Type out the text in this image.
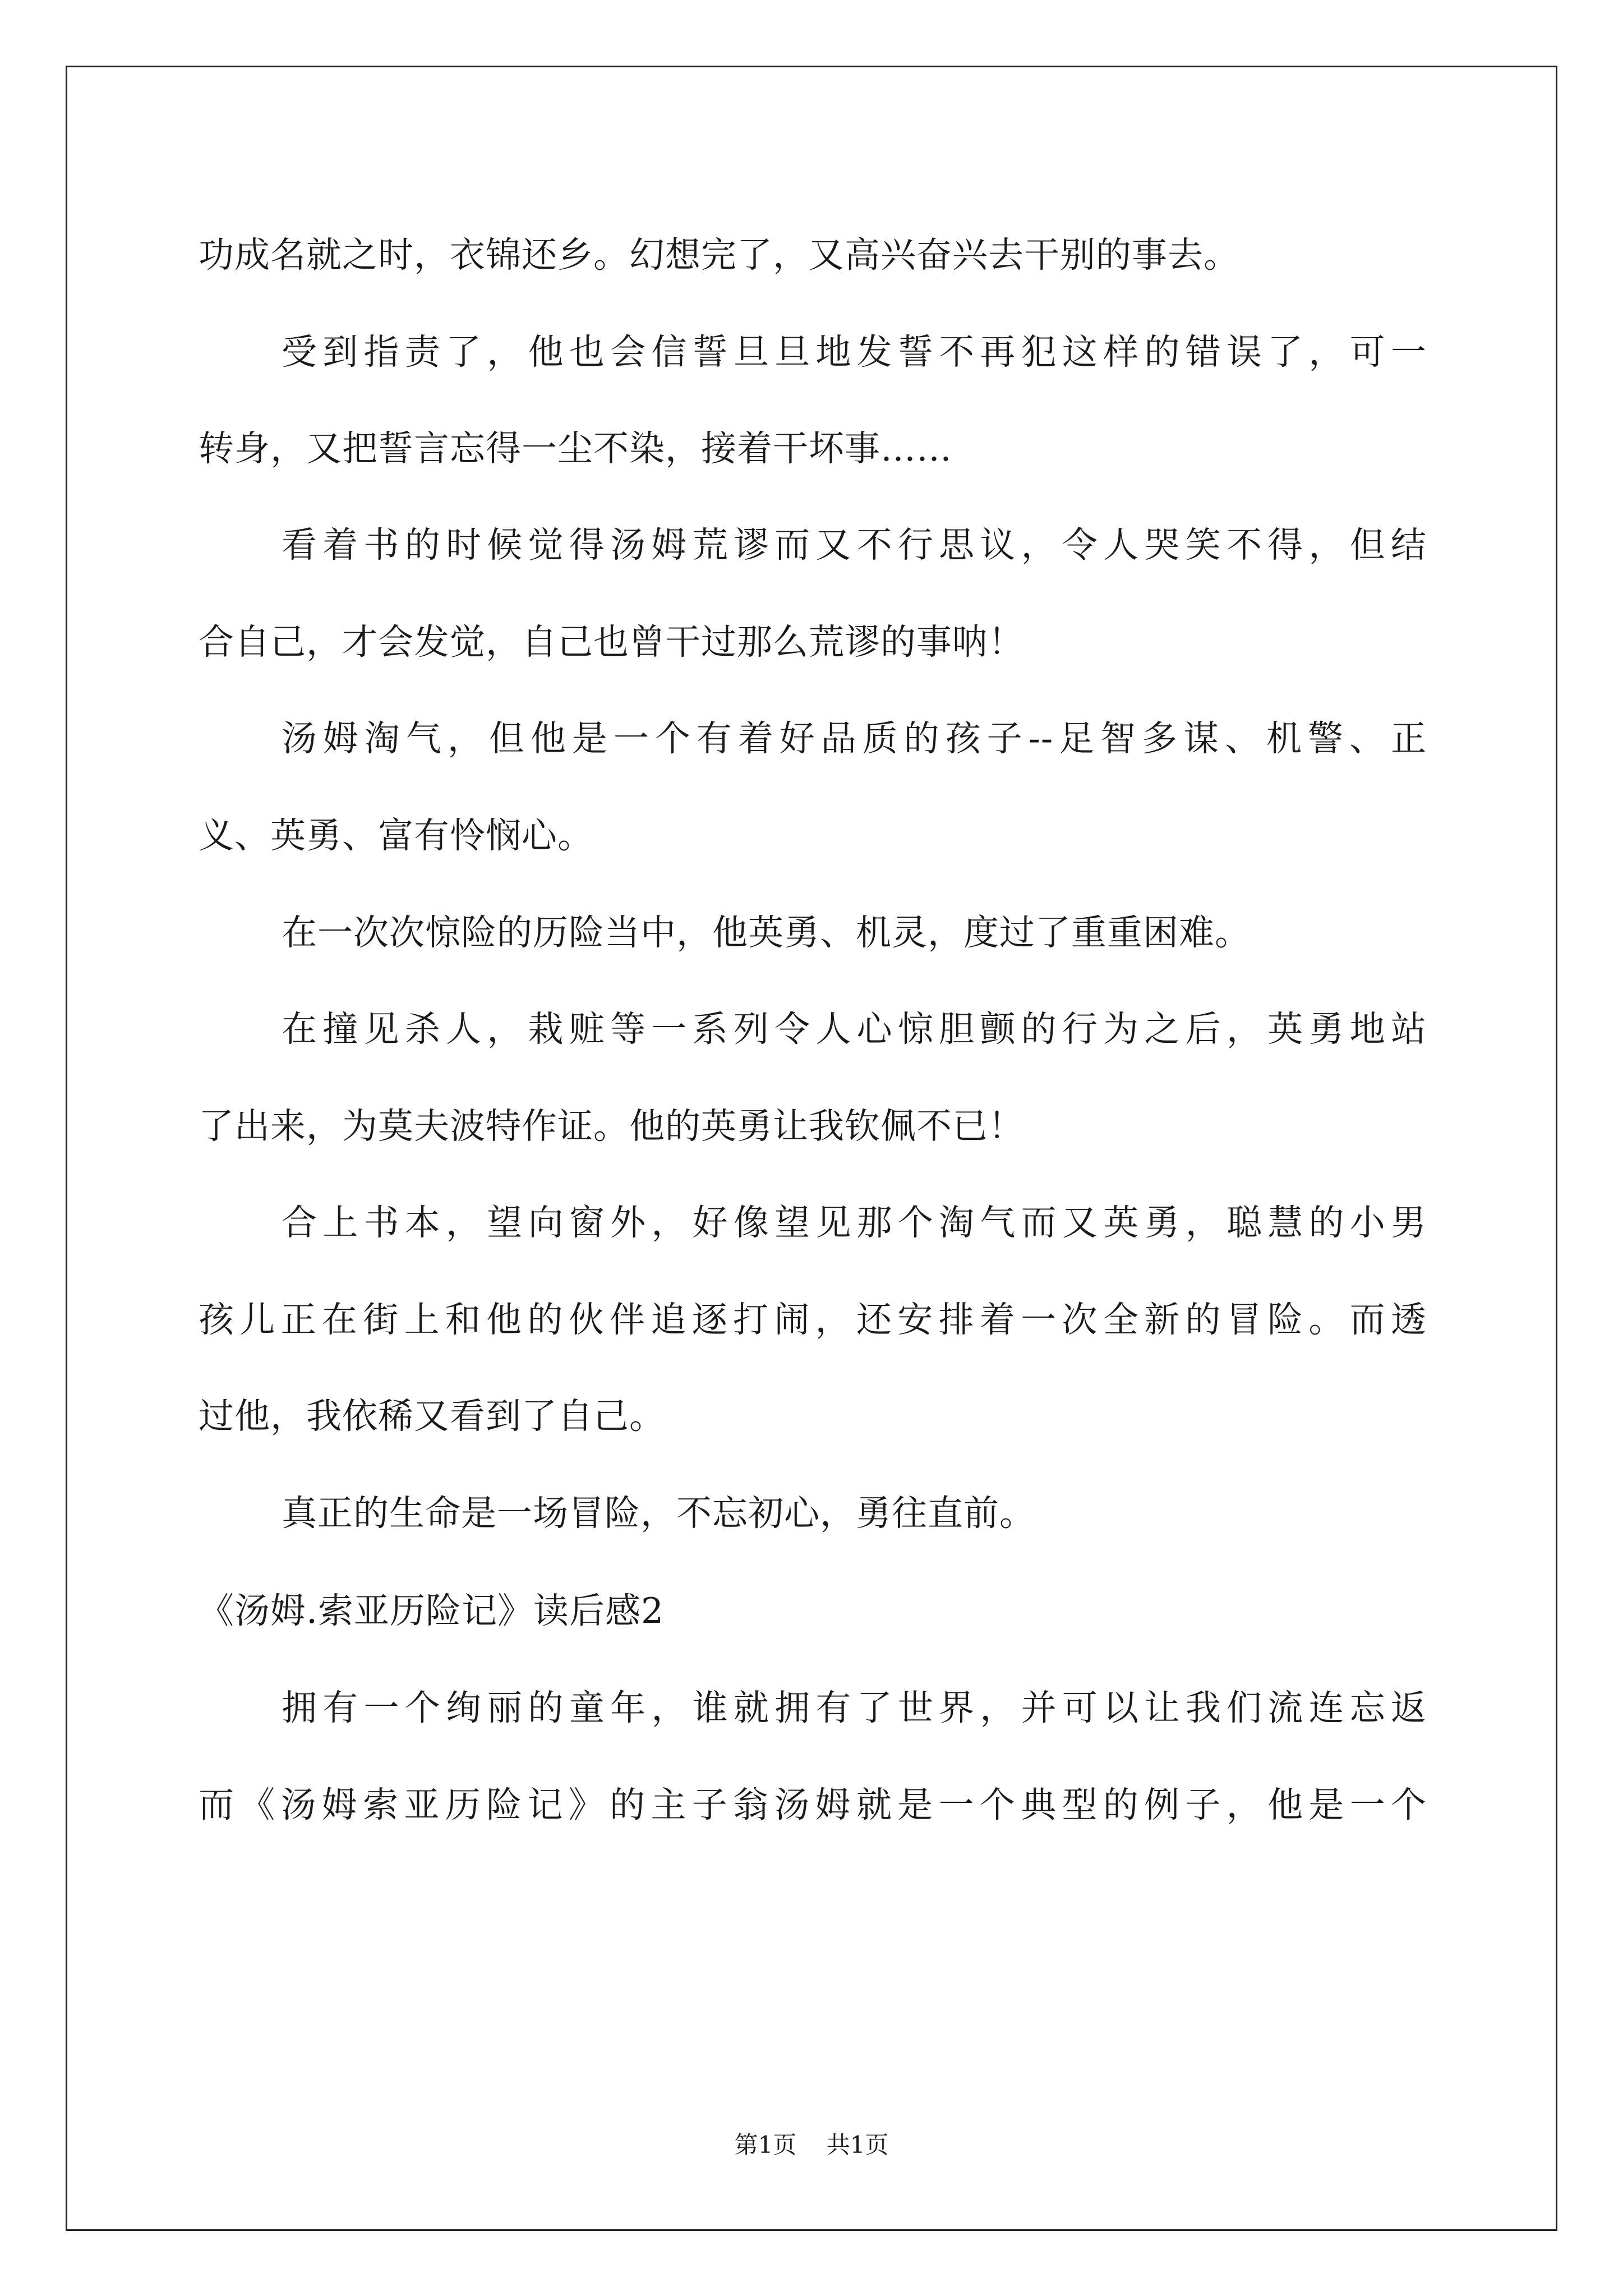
功成名就之时，衣锦还乡。幻想完了，又高兴奋兴去干别的事去。
受到指责了，他也会信誓旦旦地发誓不再犯这样的错误了，可一
转身，又把誓言忘得一尘不染，接着干坏事……
看着书的时候觉得汤姆荒谬而又不行思议，令人哭笑不得，但结
合自己，才会发觉，自己也曾干过那么荒谬的事呐！
汤姆淘气，但他是一个有着好品质的孩子--足智多谋、机警、正
义、英勇、富有怜悯心。
在一次次惊险的历险当中，他英勇、机灵，度过了重重困难。
在撞见杀人，栽赃等一系列令人心惊胆颤的行为之后，英勇地站
了出来，为莫夫波特作证。他的英勇让我钦佩不已！
合上书本，望向窗外，好像望见那个淘气而又英勇，聪慧的小男
孩儿正在街上和他的伙伴追逐打闹，还安排着一次全新的冒险。而透
过他，我依稀又看到了自己。
真正的生命是一场冒险，不忘初心，勇往直前。
《汤姆.索亚历险记》读后感2
拥有一个绚丽的童年，谁就拥有了世界，并可以让我们流连忘返
而《汤姆索亚历险记》的主子翁汤姆就是一个典型的例子，他是一个
第1页 共1页
